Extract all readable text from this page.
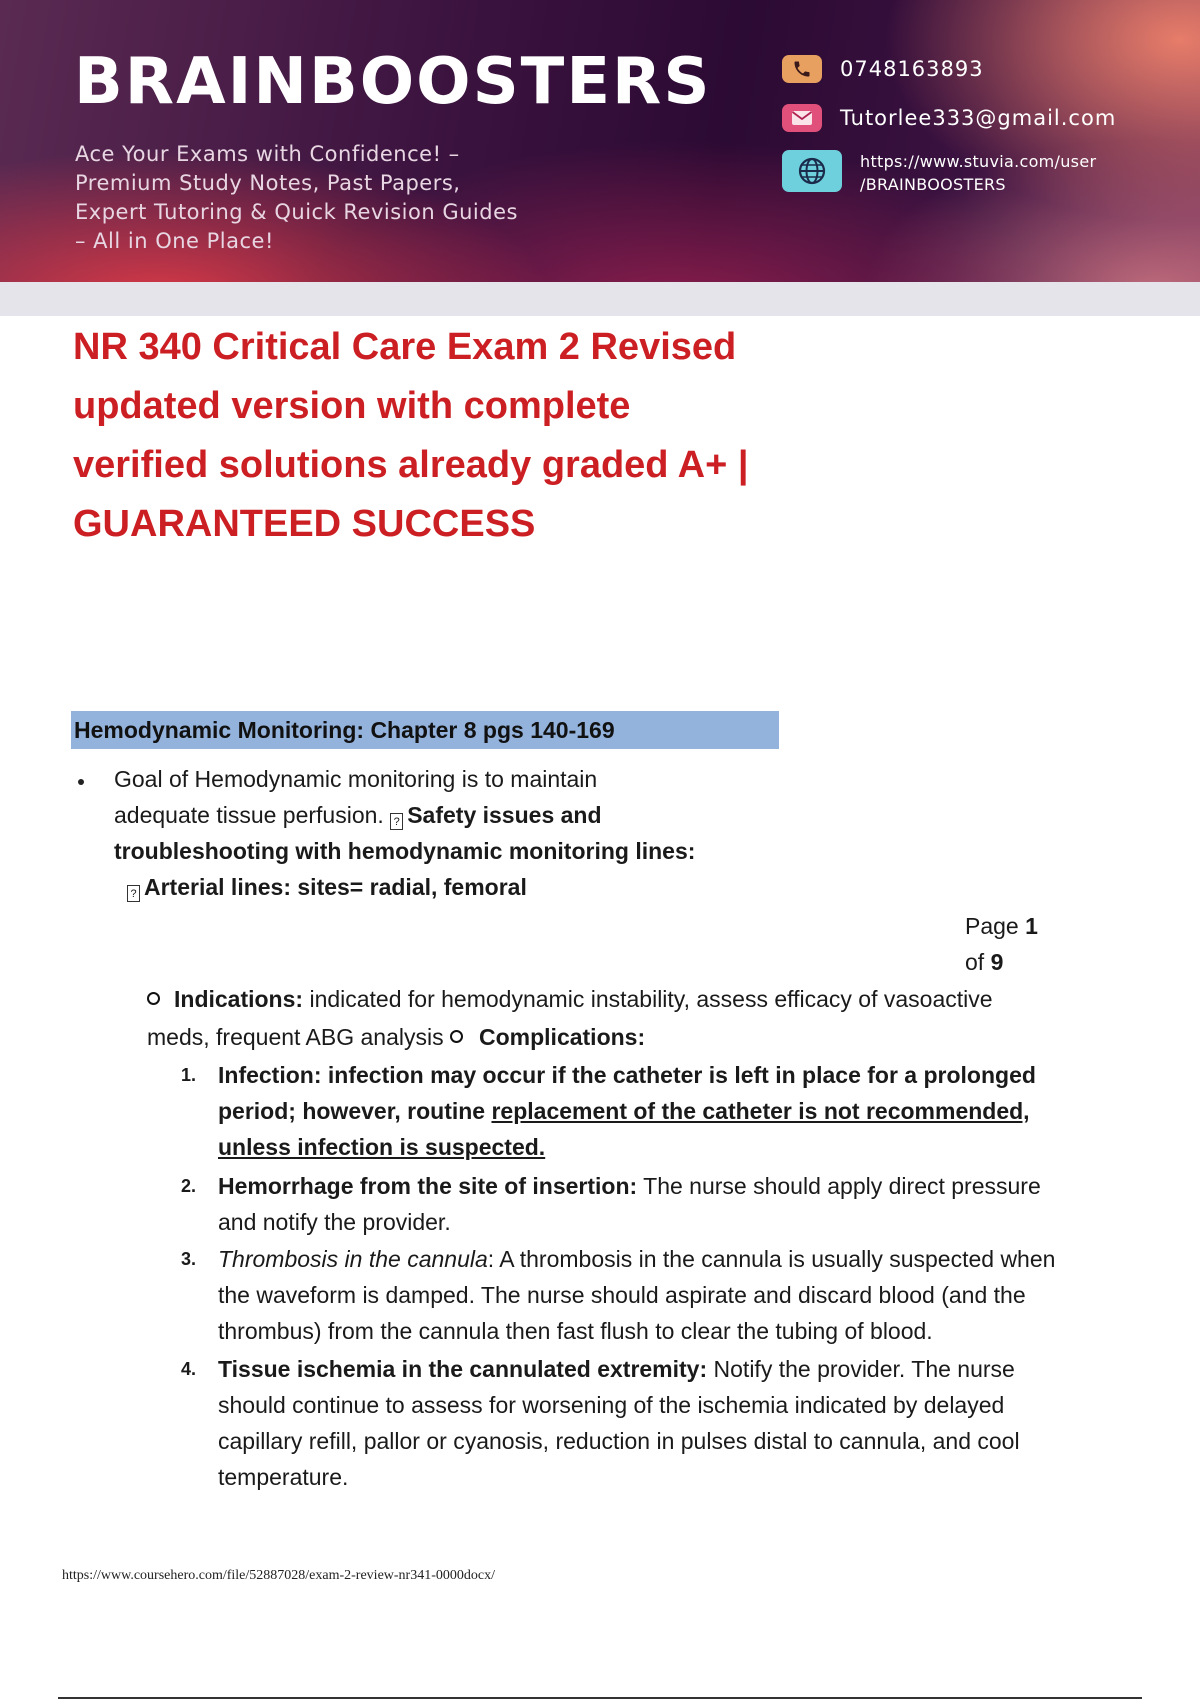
BRAINBOOSTERS
Ace Your Exams with Confidence! –
Premium Study Notes, Past Papers,
Expert Tutoring & Quick Revision Guides
– All in One Place!
0748163893
Tutorlee333@gmail.com
https://www.stuvia.com/user
/BRAINBOOSTERS
NR 340 Critical Care Exam 2 Revised
updated version with complete
verified solutions already graded A+ |
GUARANTEED SUCCESS
Hemodynamic Monitoring: Chapter 8 pgs 140-169
Goal of Hemodynamic monitoring is to maintain
adequate tissue perfusion. ? Safety issues and
troubleshooting with hemodynamic monitoring lines:
? Arterial lines: sites= radial, femoral
Page 1
of 9
Indications: indicated for hemodynamic instability, assess efficacy of vasoactive
meds, frequent ABG analysis Complications:
1. Infection: infection may occur if the catheter is left in place for a prolonged
period; however, routine replacement of the catheter is not recommended,
unless infection is suspected.
2. Hemorrhage from the site of insertion: The nurse should apply direct pressure
and notify the provider.
3. Thrombosis in the cannula: A thrombosis in the cannula is usually suspected when
the waveform is damped. The nurse should aspirate and discard blood (and the
thrombus) from the cannula then fast flush to clear the tubing of blood.
4. Tissue ischemia in the cannulated extremity: Notify the provider. The nurse
should continue to assess for worsening of the ischemia indicated by delayed
capillary refill, pallor or cyanosis, reduction in pulses distal to cannula, and cool
temperature.
https://www.coursehero.com/file/52887028/exam-2-review-nr341-0000docx/
